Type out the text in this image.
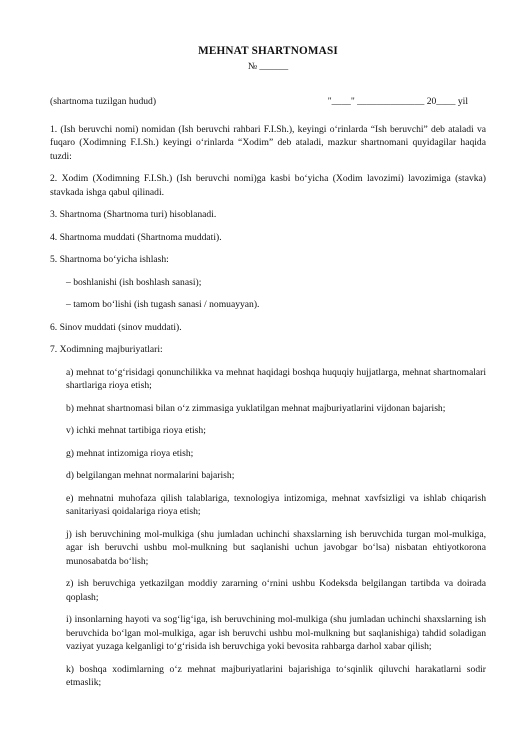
MEHNAT SHARTNOMASI
№ ______
(shartnoma tuzilgan hudud)	"____" ______________ 20____ yil

1. (Ish beruvchi nomi) nomidan (Ish beruvchi rahbari F.I.Sh.), keyingi oʻrinlarda “Ish beruvchi” deb ataladi va fuqaro (Xodimning F.I.Sh.) keyingi oʻrinlarda “Xodim” deb ataladi, mazkur shartnomani quyidagilar haqida tuzdi:

2. Xodim (Xodimning F.I.Sh.) (Ish beruvchi nomi)ga kasbi boʻyicha (Xodim lavozimi) lavozimiga (stavka) stavkada ishga qabul qilinadi.

3. Shartnoma (Shartnoma turi) hisoblanadi.

4. Shartnoma muddati (Shartnoma muddati).

5. Shartnoma boʻyicha ishlash:

– boshlanishi (ish boshlash sanasi);

– tamom boʻlishi (ish tugash sanasi / nomuayyan).

6. Sinov muddati (sinov muddati).

7. Xodimning majburiyatlari:

a) mehnat toʻgʻrisidagi qonunchilikka va mehnat haqidagi boshqa huquqiy hujjatlarga, mehnat shartnomalari shartlariga rioya etish;

b) mehnat shartnomasi bilan oʻz zimmasiga yuklatilgan mehnat majburiyatlarini vijdonan bajarish;

v) ichki mehnat tartibiga rioya etish;

g) mehnat intizomiga rioya etish;

d) belgilangan mehnat normalarini bajarish;

e) mehnatni muhofaza qilish talablariga, texnologiya intizomiga, mehnat xavfsizligi va ishlab chiqarish sanitariyasi qoidalariga rioya etish;

j) ish beruvchining mol-mulkiga (shu jumladan uchinchi shaxslarning ish beruvchida turgan mol-mulkiga, agar ish beruvchi ushbu mol-mulkning but saqlanishi uchun javobgar boʻlsa) nisbatan ehtiyotkorona munosabatda boʻlish;

z) ish beruvchiga yetkazilgan moddiy zararning oʻrnini ushbu Kodeksda belgilangan tartibda va doirada qoplash;

i) insonlarning hayoti va sogʻligʻiga, ish beruvchining mol-mulkiga (shu jumladan uchinchi shaxslarning ish beruvchida boʻlgan mol-mulkiga, agar ish beruvchi ushbu mol-mulkning but saqlanishiga) tahdid soladigan vaziyat yuzaga kelganligi toʻgʻrisida ish beruvchiga yoki bevosita rahbarga darhol xabar qilish;

k) boshqa xodimlarning oʻz mehnat majburiyatlarini bajarishiga toʻsqinlik qiluvchi harakatlarni sodir etmaslik;
